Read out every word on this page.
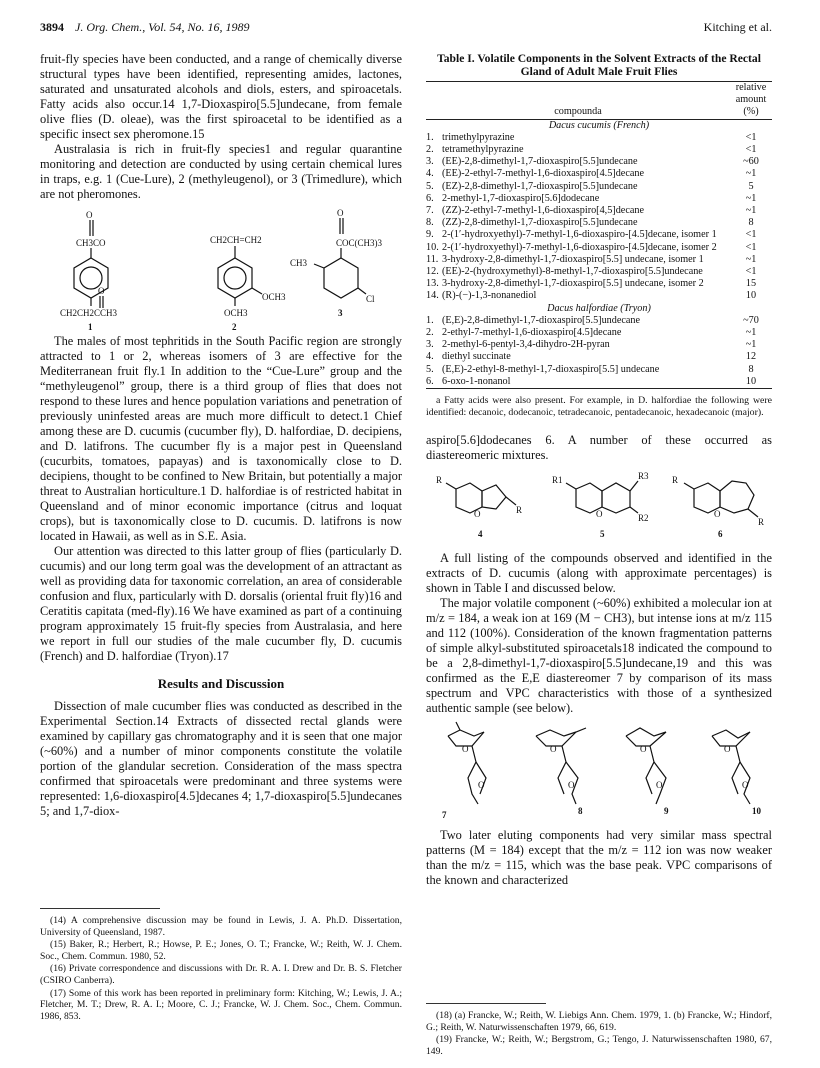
3894 J. Org. Chem., Vol. 54, No. 16, 1989	Kitching et al.

fruit-fly species have been conducted, and a range of chemically diverse structural types have been identified, representing amides, lactones, saturated and unsaturated alcohols and diols, esters, and spiroacetals. Fatty acids also occur.14 1,7-Dioxaspiro[5.5]undecane, from female olive flies (D. oleae), was the first spiroacetal to be identified as a specific insect sex pheromone.15

Australasia is rich in fruit-fly species1 and regular quarantine monitoring and detection are conducted by using certain chemical lures in traps, e.g. 1 (Cue-Lure), 2 (methyleugenol), or 3 (Trimedlure), which are not pheromones.

O
CH3CO
O
CH2CH2CCH3
1
CH2CH=CH2
OCH3
OCH3
2
O
COC(CH3)3
CH3
Cl
3

The males of most tephritids in the South Pacific region are strongly attracted to 1 or 2, whereas isomers of 3 are effective for the Mediterranean fruit fly.1 In addition to the “Cue-Lure” group and the “methyleugenol” group, there is a third group of flies that does not respond to these lures and hence population variations and penetration of previously uninfested areas are much more difficult to detect.1 Chief among these are D. cucumis (cucumber fly), D. halfordiae, D. decipiens, and D. latifrons. The cucumber fly is a major pest in Queensland (cucurbits, tomatoes, papayas) and is taxonomically close to D. decipiens, thought to be confined to New Britain, but potentially a major threat to Australian horticulture.1 D. halfordiae is of restricted habitat in Queensland and of minor economic importance (citrus and loquat crops), but is taxonomically close to D. cucumis. D. latifrons is now located in Hawaii, as well as in S.E. Asia.

Our attention was directed to this latter group of flies (particularly D. cucumis) and our long term goal was the development of an attractant as well as providing data for taxonomic correlation, an area of considerable confusion and flux, particularly with D. dorsalis (oriental fruit fly)16 and Ceratitis capitata (med-fly).16 We have examined as part of a continuing program approximately 15 fruit-fly species from Australasia, and here we report in full our studies of the male cucumber fly, D. cucumis (French) and D. halfordiae (Tryon).17

Results and Discussion

Dissection of male cucumber flies was conducted as described in the Experimental Section.14 Extracts of dissected rectal glands were examined by capillary gas chromatography and it is seen that one major (~60%) and a number of minor components constitute the volatile portion of the glandular secretion. Consideration of the mass spectra confirmed that spiroacetals were predominant and three systems were represented: 1,6-dioxaspiro[4.5]decanes 4; 1,7-dioxaspiro[5.5]undecanes 5; and 1,7-diox-

(14) A comprehensive discussion may be found in Lewis, J. A. Ph.D. Dissertation, University of Queensland, 1987.

(15) Baker, R.; Herbert, R.; Howse, P. E.; Jones, O. T.; Francke, W.; Reith, W. J. Chem. Soc., Chem. Commun. 1980, 52.

(16) Private correspondence and discussions with Dr. R. A. I. Drew and Dr. B. S. Fletcher (CSIRO Canberra).

(17) Some of this work has been reported in preliminary form: Kitching, W.; Lewis, J. A.; Fletcher, M. T.; Drew, R. A. I.; Moore, C. J.; Francke, W. J. Chem. Soc., Chem. Commun. 1986, 853.

Table I. Volatile Components in the Solvent Extracts of the Rectal Gland of Adult Male Fruit Flies
compounda	relative
amount
(%)

Dacus cucumis (French)	
1. trimethylpyrazine	<1
2. tetramethylpyrazine	<1
3. (EE)-2,8-dimethyl-1,7-dioxaspiro[5.5]undecane	~60
4. (EE)-2-ethyl-7-methyl-1,6-dioxaspiro[4.5]decane	~1
5. (EZ)-2,8-dimethyl-1,7-dioxaspiro[5.5]undecane	5
6. 2-methyl-1,7-dioxaspiro[5.6]dodecane	~1
7. (ZZ)-2-ethyl-7-methyl-1,6-dioxaspiro[4,5]decane	~1
8. (ZZ)-2,8-dimethyl-1,7-dioxaspiro[5.5]undecane	8
9. 2-(1′-hydroxyethyl)-7-methyl-1,6-dioxaspiro-[4.5]decane, isomer 1	<1
10. 2-(1′-hydroxyethyl)-7-methyl-1,6-dioxaspiro-[4.5]decane, isomer 2	<1
11. 3-hydroxy-2,8-dimethyl-1,7-dioxaspiro[5.5] undecane, isomer 1	~1
12. (EE)-2-(hydroxymethyl)-8-methyl-1,7-dioxaspiro[5.5]undecane	<1
13. 3-hydroxy-2,8-dimethyl-1,7-dioxaspiro[5.5] undecane, isomer 2	15
14. (R)-(−)-1,3-nonanediol	10
Dacus halfordiae (Tryon)	
1. (E,E)-2,8-dimethyl-1,7-dioxaspiro[5.5]undecane	~70
2. 2-ethyl-7-methyl-1,6-dioxaspiro[4.5]decane	~1
3. 2-methyl-6-pentyl-3,4-dihydro-2H-pyran	~1
4. diethyl succinate	12
5. (E,E)-2-ethyl-8-methyl-1,7-dioxaspiro[5.5] undecane	8
6. 6-oxo-1-nonanol	10
a Fatty acids were also present. For example, in D. halfordiae the following were identified: decanoic, dodecanoic, tetradecanoic, pentadecanoic, hexadecanoic (major).

aspiro[5.6]dodecanes 6. A number of these occurred as diastereomeric mixtures.

R
O	R
4
R1
O
R3
R2
5
R
O
R
6

A full listing of the compounds observed and identified in the extracts of D. cucumis (along with approximate percentages) is shown in Table I and discussed below.

The major volatile component (~60%) exhibited a molecular ion at m/z = 184, a weak ion at 169 (M − CH3), but intense ions at m/z 115 and 112 (100%). Consideration of the known fragmentation patterns of simple alkyl-substituted spiroacetals18 indicated the compound to be a 2,8-dimethyl-1,7-dioxaspiro[5.5]undecane,19 and this was confirmed as the E,E diastereomer 7 by comparison of its mass spectrum and VPC characteristics with those of a synthesized authentic sample (see below).

O
O
7
O
O
8
O
O
9
O
O
10

Two later eluting components had very similar mass spectral patterns (M = 184) except that the m/z = 112 ion was now weaker than the m/z = 115, which was the base peak. VPC comparisons of the known and characterized

(18) (a) Francke, W.; Reith, W. Liebigs Ann. Chem. 1979, 1. (b) Francke, W.; Hindorf, G.; Reith, W. Naturwissenschaften 1979, 66, 619.

(19) Francke, W.; Reith, W.; Bergstrom, G.; Tengo, J. Naturwissenschaften 1980, 67, 149.
